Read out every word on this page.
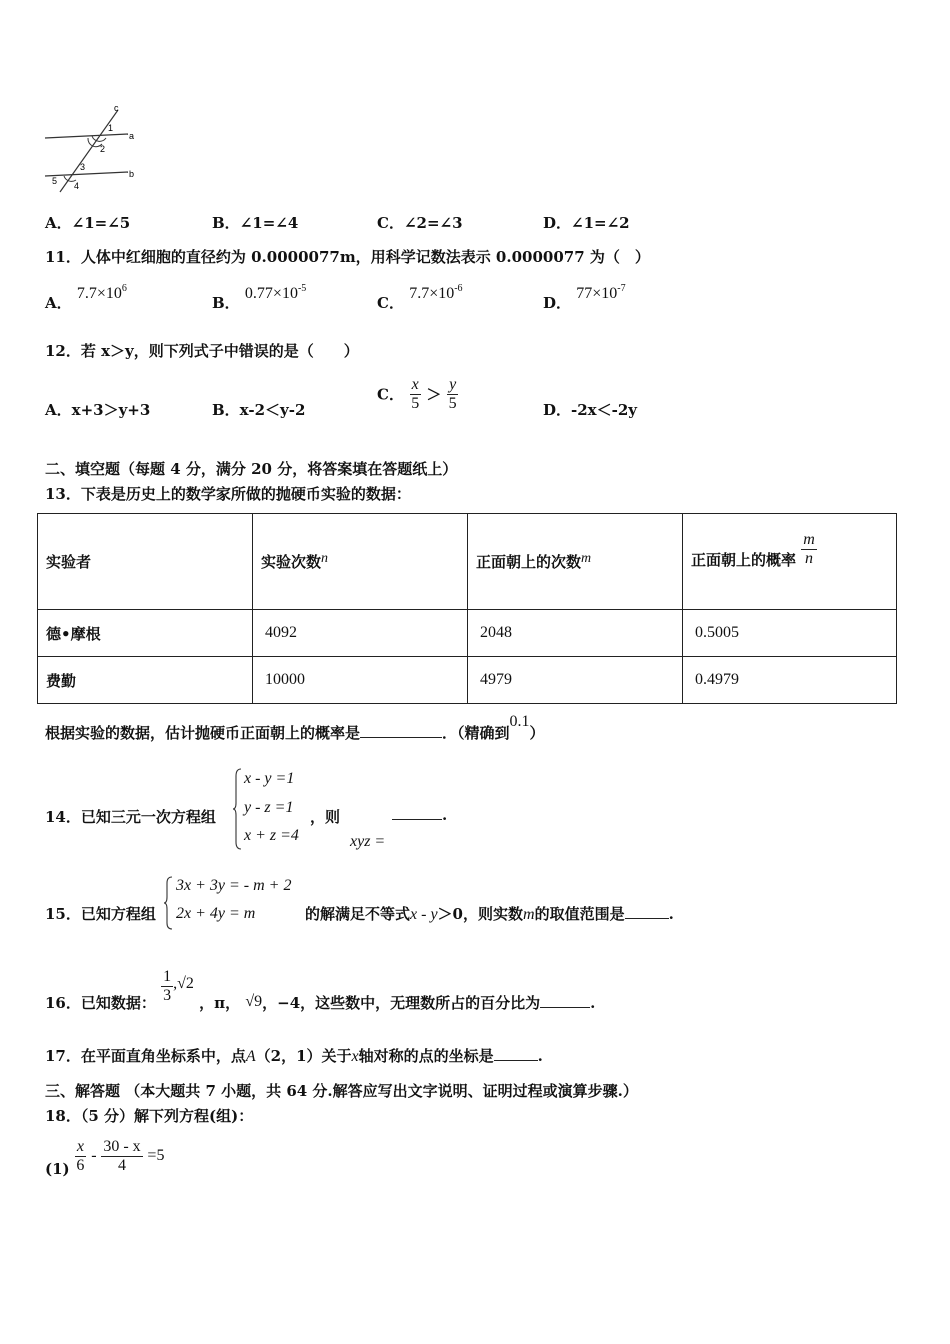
c
1
a
2
3
b
5 4
A．∠1=∠5	B．∠1=∠4	C．∠2=∠3	D．∠1=∠2
11．人体中红细胞的直径约为 0.0000077m，用科学记数法表示 0.0000077 为（　）
A． $7.7\times 10^6$
B． $0.77\times 10^{-5}$
C． $7.7\times 10^{-6}$
D． $77\times 10^{-7}$
12．若 x＞y，则下列式子中错误的是（　　）
A．x+3＞y+3	B．x-2＜y-2
C． $\frac{x}{5} > \frac{y}{5}$	D．-2x＜-2y
二、填空题（每题 4 分，满分 20 分，将答案填在答题纸上）
13．下表是历史上的数学家所做的抛硬币实验的数据：
实验者	实验次数n	正面朝上的次数m	正面朝上的概率 $\frac{m}{n}$

德•摩根	4092	2048	0.5005
费勤	10000	4979	0.4979
根据实验的数据，估计抛硬币正面朝上的概率是	．（精确到0.1）
14．已知三元一次方程组
x - y =1
y - z =1
x + z =4
，则
xyz =
.
15．已知方程组
3x + 3y = - m + 2
2x + 4y = m	的解满足不等式x - y＞0，则实数m的取值范围是	.
16．已知数据： $\frac{1}{3} ,√2$ ，π， √9，−4，这些数中，无理数所占的百分比为	.
17．在平面直角坐标系中，点A（2，1）关于x轴对称的点的坐标是	.
三、解答题 （本大题共 7 小题，共 64 分.解答应写出文字说明、证明过程或演算步骤.）
18．（5 分）解下列方程(组)：
$(1) \frac{x}{6} - \frac{30 - x}{4} =5$
